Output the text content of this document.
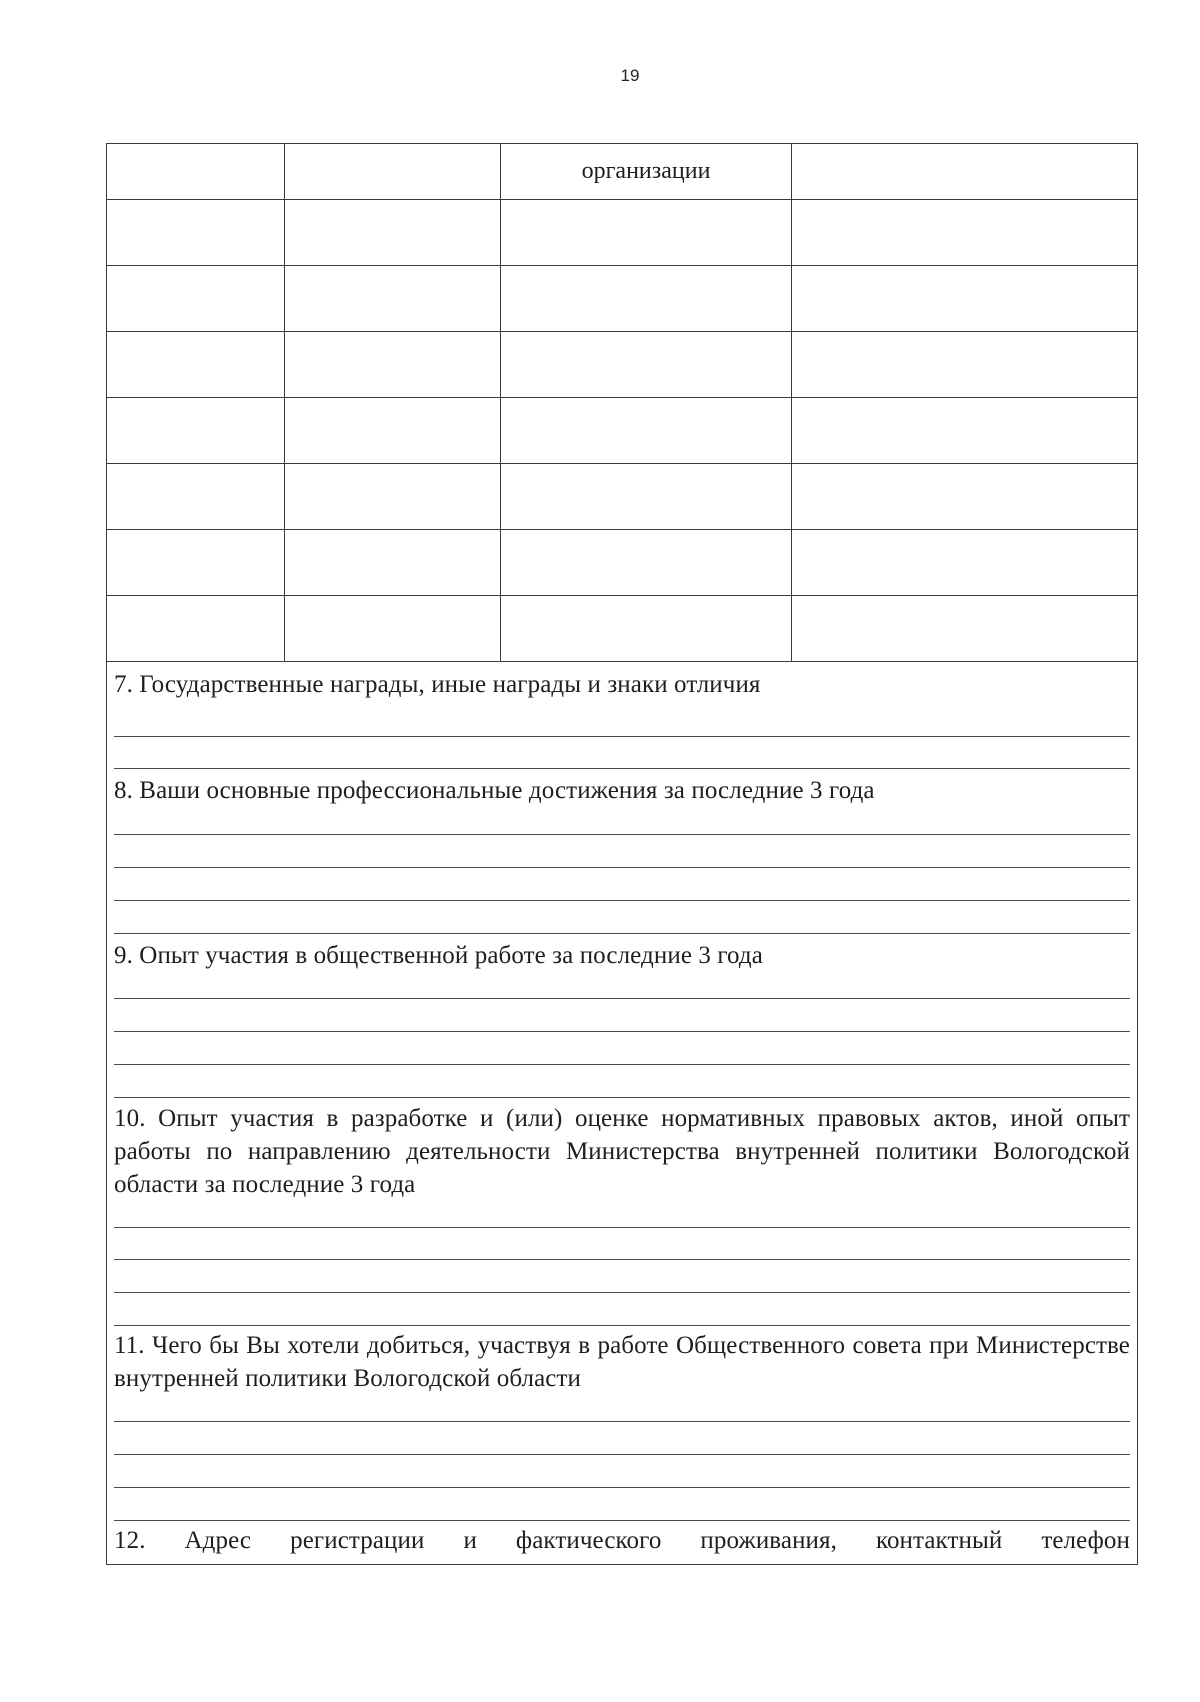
19
		организации	

7. Государственные награды, иные награды и знаки отличия

8. Ваши основные профессиональные достижения за последние 3 года

9. Опыт участия в общественной работе за последние 3 года

10. Опыт участия в разработке и (или) оценке нормативных правовых актов, иной опыт работы по направлению деятельности Министерства внутренней политики Вологодской области за последние 3 года

11. Чего бы Вы хотели добиться, участвуя в работе Общественного совета при Министерстве внутренней политики Вологодской области

12. Адрес регистрации и фактического проживания, контактный телефон
